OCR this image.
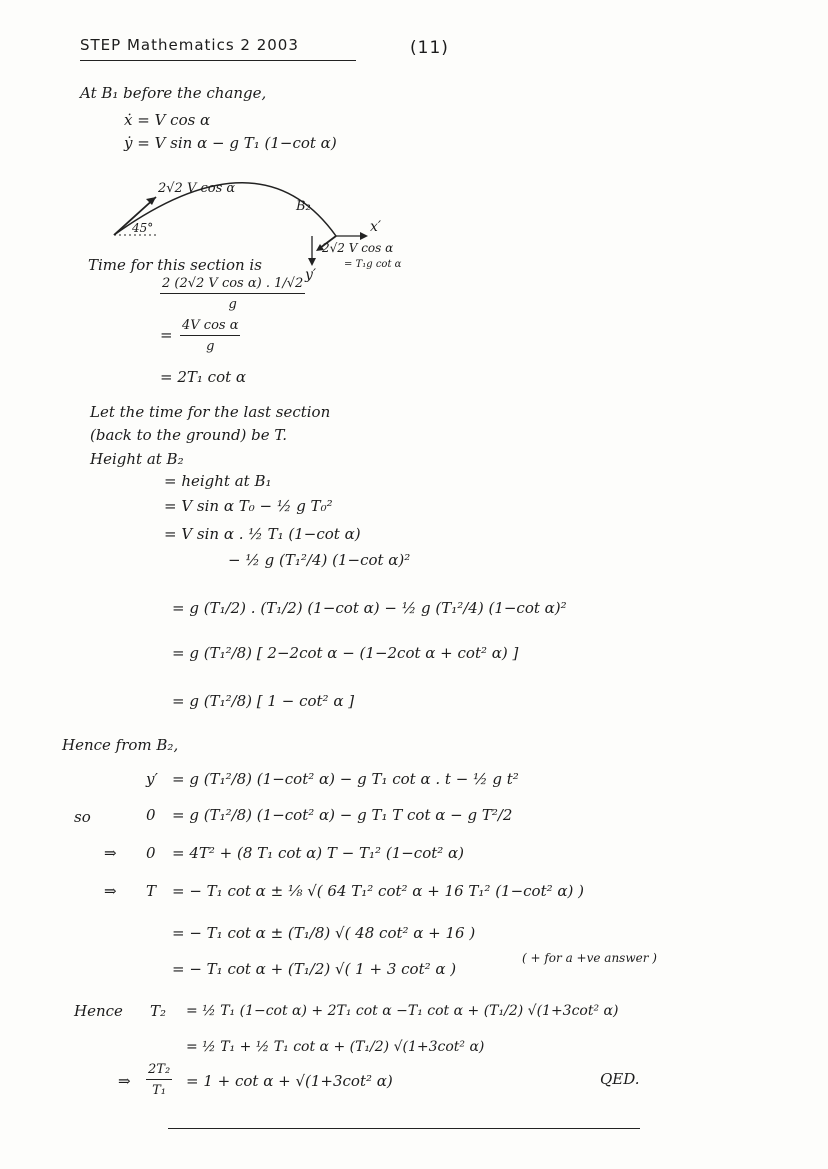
STEP Mathematics 2 2003	(11)
At B₁ before the change,
ẋ = V cos α
ẏ = V sin α − g T₁ (1−cot α)
2√2 V cos α
45°
B₂
x′
y′
2√2 V cos α
= T₁g cot α
Time for this section is
$\frac{\text{2 (2√2 V cos α) . 1/√2}}{g}$
= $\frac{\text{4V cos α}}{g}$
= 2T₁ cot α
Let the time for the last section
(back to the ground) be T.
Height at B₂
= height at B₁
= V sin α T₀ − ½ g T₀²
= V sin α . ½ T₁ (1−cot α)
− ½ g (T₁²/4) (1−cot α)²
= g (T₁/2) . (T₁/2) (1−cot α) − ½ g (T₁²/4) (1−cot α)²
= g (T₁²/8) [ 2−2cot α − (1−2cot α + cot² α) ]
= g (T₁²/8) [ 1 − cot² α ]
Hence from B₂,
y′ = g (T₁²/8) (1−cot² α) − g T₁ cot α . t − ½ g t²
so	0 = g (T₁²/8) (1−cot² α) − g T₁ T cot α − g T²/2
⇒ 0 = 4T² + (8 T₁ cot α) T − T₁² (1−cot² α)
⇒ T = − T₁ cot α ± ⅛ √( 64 T₁² cot² α + 16 T₁² (1−cot² α) )
= − T₁ cot α ± (T₁/8) √( 48 cot² α + 16 )
= − T₁ cot α + (T₁/2) √( 1 + 3 cot² α )
( + for a +ve answer )
Hence T₂ = ½ T₁ (1−cot α) + 2T₁ cot α −T₁ cot α + (T₁/2) √(1+3cot² α)
= ½ T₁ + ½ T₁ cot α + (T₁/2) √(1+3cot² α)
⇒ $\frac{\text{2T₂}}{\text{T₁}} = 1 + \cot \alpha + √(1+3\cot^2$ α)	QED.
